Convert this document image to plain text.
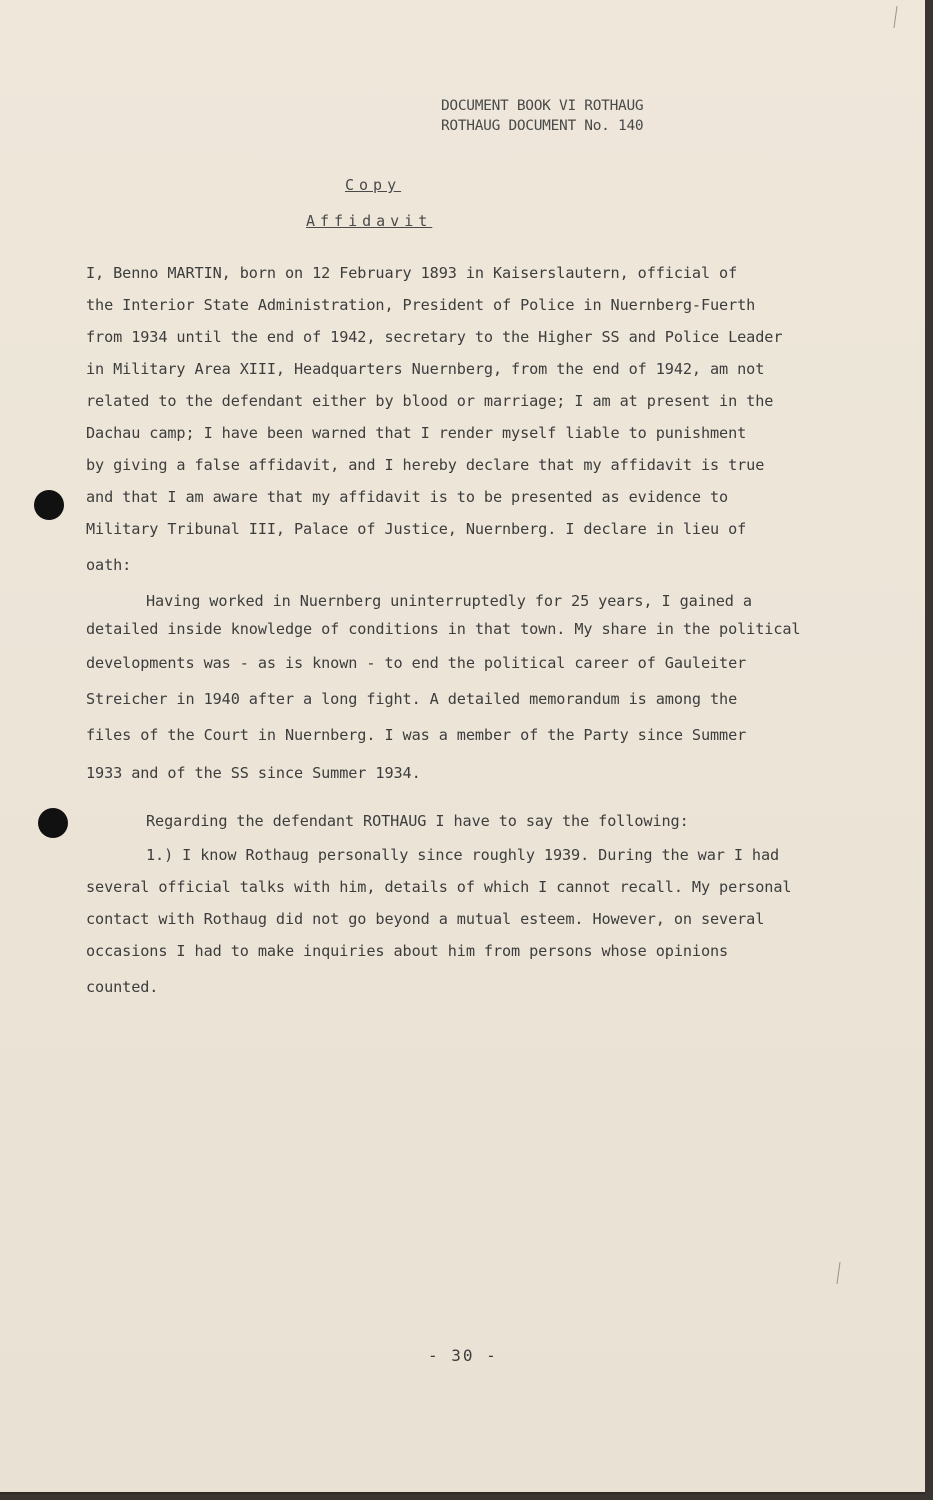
DOCUMENT BOOK VI ROTHAUG
ROTHAUG DOCUMENT No. 140
Copy
Affidavit
I, Benno MARTIN, born on 12 February 1893 in Kaiserslautern, official of
the Interior State Administration, President of Police in Nuernberg-Fuerth
from 1934 until the end of 1942, secretary to the Higher SS and Police Leader
in Military Area XIII, Headquarters Nuernberg, from the end of 1942, am not
related to the defendant either by blood or marriage; I am at present in the
Dachau camp; I have been warned that I render myself liable to punishment
by giving a false affidavit, and I hereby declare that my affidavit is true
and that I am aware that my affidavit is to be presented as evidence to
Military Tribunal III, Palace of Justice, Nuernberg. I declare in lieu of
oath:
Having worked in Nuernberg uninterruptedly for 25 years, I gained a
detailed inside knowledge of conditions in that town. My share in the political
developments was - as is known - to end the political career of Gauleiter
Streicher in 1940 after a long fight. A detailed memorandum is among the
files of the Court in Nuernberg. I was a member of the Party since Summer
1933 and of the SS since Summer 1934.
Regarding the defendant ROTHAUG I have to say the following:
1.) I know Rothaug personally since roughly 1939. During the war I had
several official talks with him, details of which I cannot recall. My personal
contact with Rothaug did not go beyond a mutual esteem. However, on several
occasions I had to make inquiries about him from persons whose opinions
counted.
- 30 -
